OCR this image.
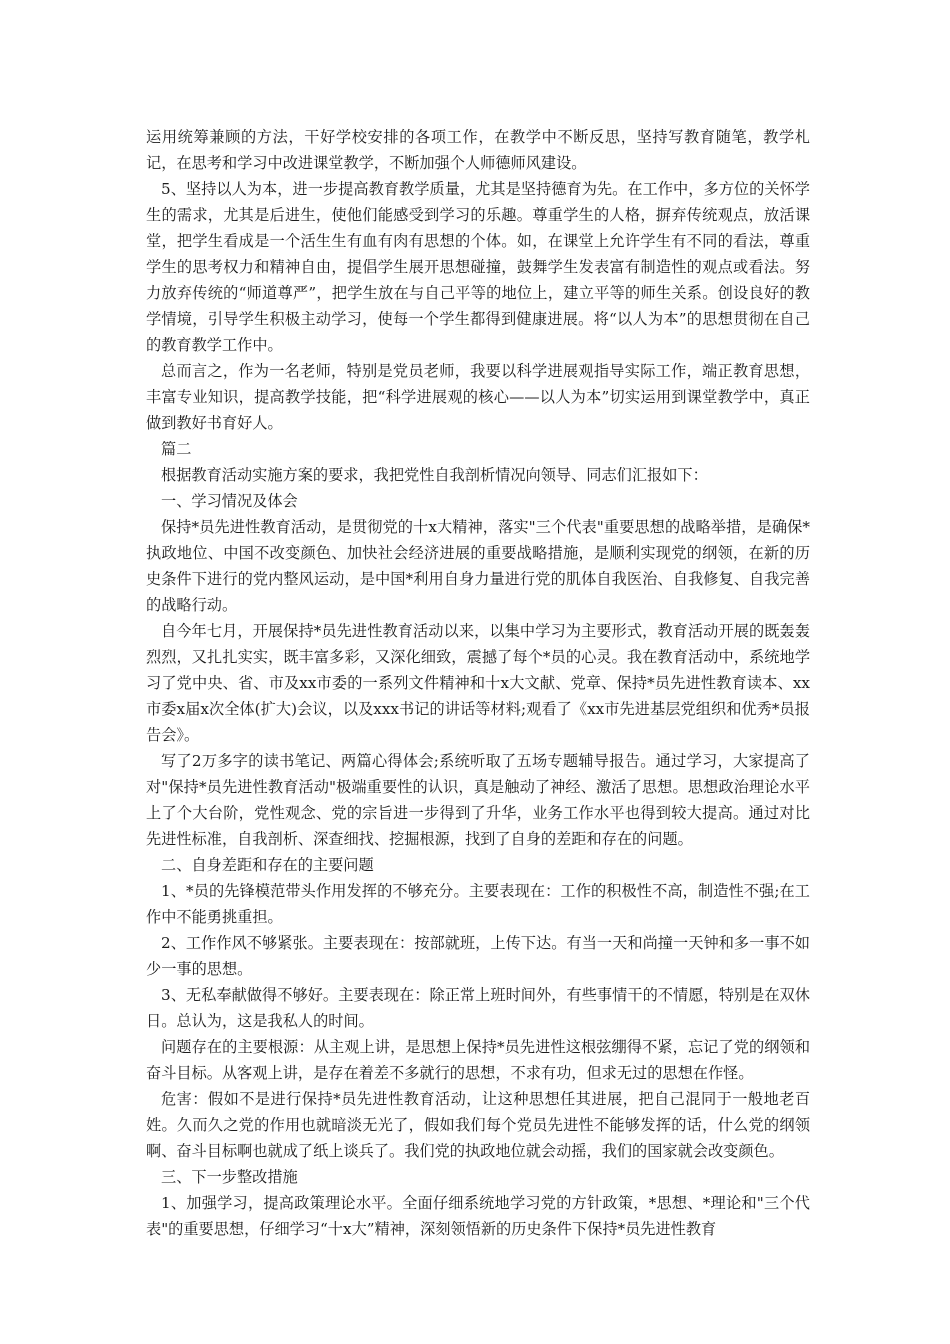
运用统筹兼顾的方法，干好学校安排的各项工作，在教学中不断反思，坚持写教育随笔，教学札记，在思考和学习中改进课堂教学，不断加强个人师德师风建设。

5、坚持以人为本，进一步提高教育教学质量，尤其是坚持德育为先。在工作中，多方位的关怀学生的需求，尤其是后进生，使他们能感受到学习的乐趣。尊重学生的人格，摒弃传统观点，放活课堂，把学生看成是一个活生生有血有肉有思想的个体。如，在课堂上允许学生有不同的看法，尊重学生的思考权力和精神自由，提倡学生展开思想碰撞，鼓舞学生发表富有制造性的观点或看法。努力放弃传统的“师道尊严”，把学生放在与自己平等的地位上，建立平等的师生关系。创设良好的教学情境，引导学生积极主动学习，使每一个学生都得到健康进展。将“以人为本”的思想贯彻在自己的教育教学工作中。

总而言之，作为一名老师，特别是党员老师，我要以科学进展观指导实际工作，端正教育思想，丰富专业知识，提高教学技能，把“科学进展观的核心——以人为本”切实运用到课堂教学中，真正做到教好书育好人。

篇二

根据教育活动实施方案的要求，我把党性自我剖析情况向领导、同志们汇报如下：

一、学习情况及体会

保持*员先进性教育活动，是贯彻党的十x大精神，落实"三个代表"重要思想的战略举措，是确保*执政地位、中国不改变颜色、加快社会经济进展的重要战略措施，是顺利实现党的纲领，在新的历史条件下进行的党内整风运动，是中国*利用自身力量进行党的肌体自我医治、自我修复、自我完善的战略行动。

自今年七月，开展保持*员先进性教育活动以来，以集中学习为主要形式，教育活动开展的既轰轰烈烈，又扎扎实实，既丰富多彩，又深化细致，震撼了每个*员的心灵。我在教育活动中，系统地学习了党中央、省、市及xx市委的一系列文件精神和十x大文献、党章、保持*员先进性教育读本、xx市委x届x次全体(扩大)会议，以及xxx书记的讲话等材料;观看了《xx市先进基层党组织和优秀*员报告会》。

写了2万多字的读书笔记、两篇心得体会;系统听取了五场专题辅导报告。通过学习，大家提高了对"保持*员先进性教育活动"极端重要性的认识，真是触动了神经、激活了思想。思想政治理论水平上了个大台阶，党性观念、党的宗旨进一步得到了升华，业务工作水平也得到较大提高。通过对比先进性标准，自我剖析、深查细找、挖掘根源，找到了自身的差距和存在的问题。

二、自身差距和存在的主要问题

1、*员的先锋模范带头作用发挥的不够充分。主要表现在：工作的积极性不高，制造性不强;在工作中不能勇挑重担。

2、工作作风不够紧张。主要表现在：按部就班，上传下达。有当一天和尚撞一天钟和多一事不如少一事的思想。

3、无私奉献做得不够好。主要表现在：除正常上班时间外，有些事情干的不情愿，特别是在双休日。总认为，这是我私人的时间。

问题存在的主要根源：从主观上讲，是思想上保持*员先进性这根弦绷得不紧，忘记了党的纲领和奋斗目标。从客观上讲，是存在着差不多就行的思想，不求有功，但求无过的思想在作怪。

危害：假如不是进行保持*员先进性教育活动，让这种思想任其进展，把自己混同于一般地老百姓。久而久之党的作用也就暗淡无光了，假如我们每个党员先进性不能够发挥的话，什么党的纲领啊、奋斗目标啊也就成了纸上谈兵了。我们党的执政地位就会动摇，我们的国家就会改变颜色。

三、下一步整改措施

1、加强学习，提高政策理论水平。全面仔细系统地学习党的方针政策，*思想、*理论和"三个代表"的重要思想，仔细学习“十x大”精神，深刻领悟新的历史条件下保持*员先进性教育
